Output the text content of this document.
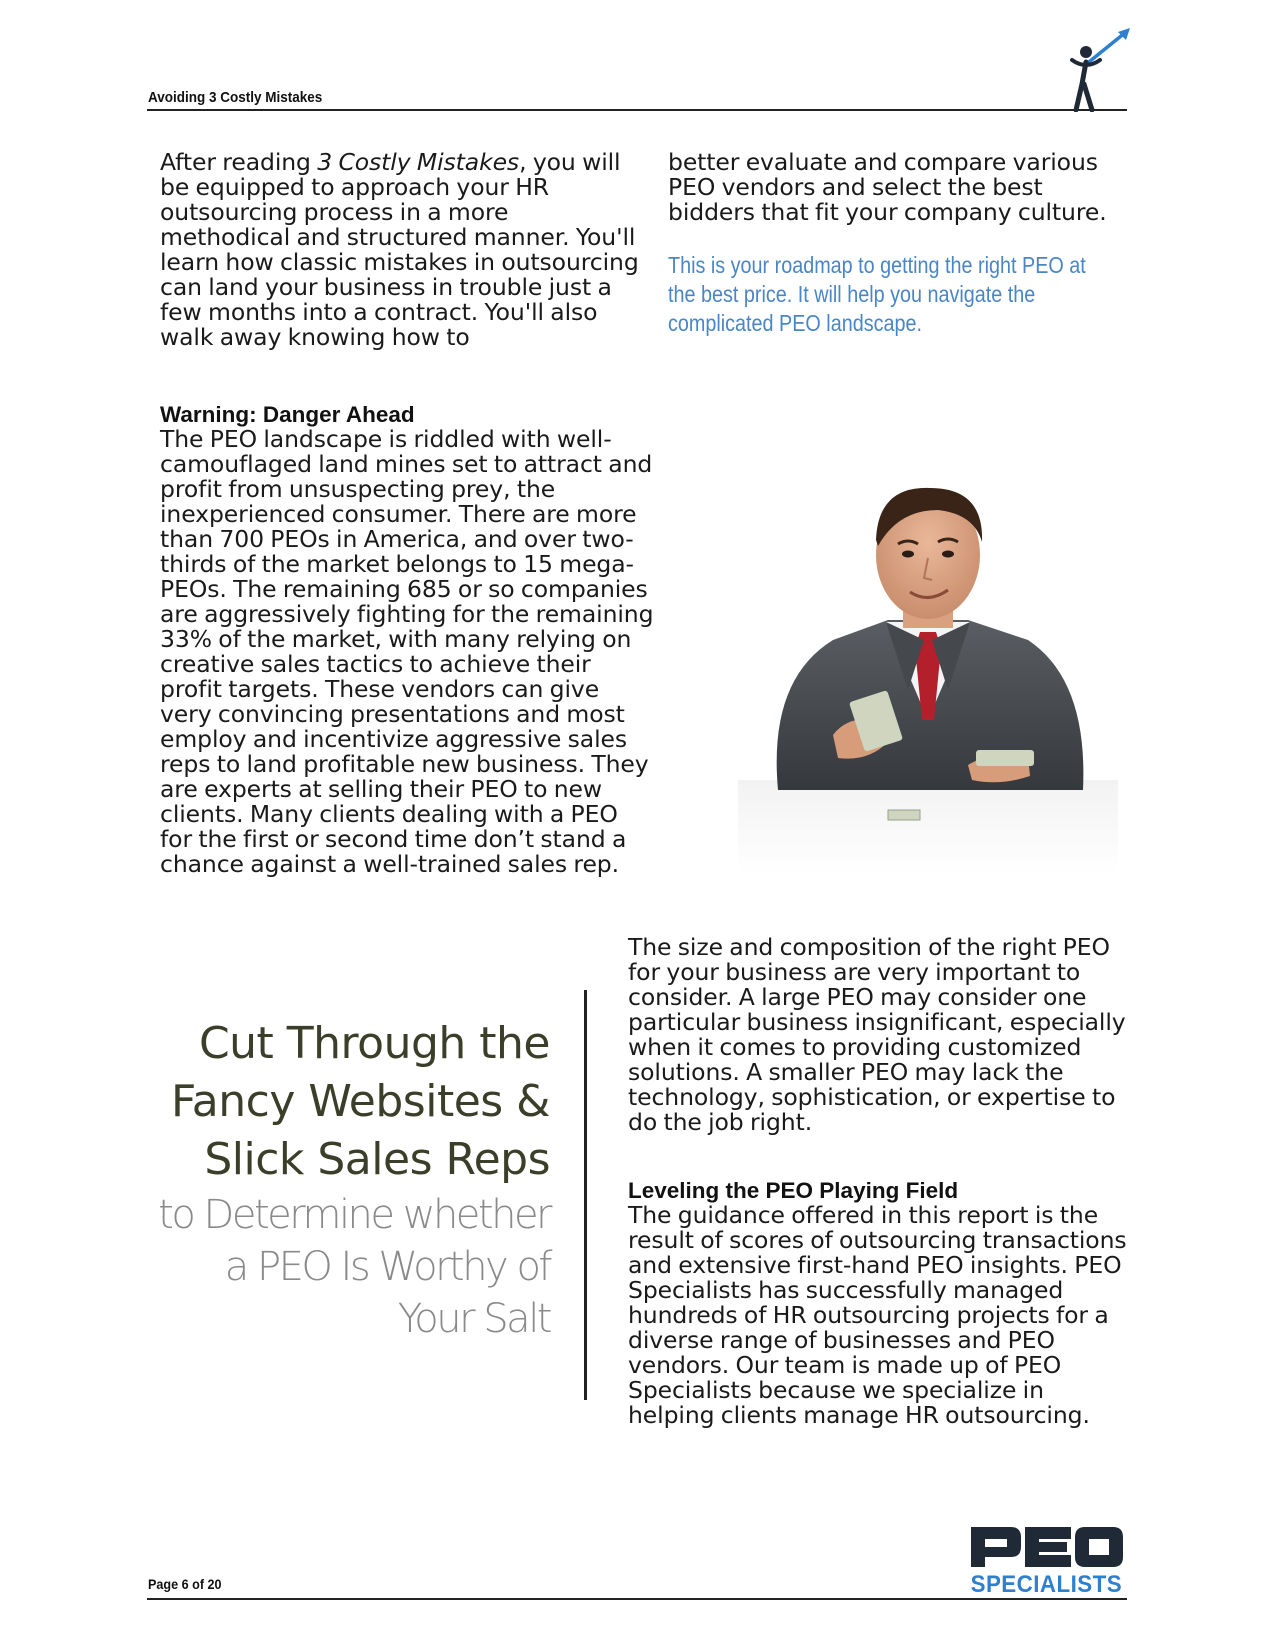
Avoiding 3 Costly Mistakes
After reading 3 Costly Mistakes, you will be equipped to approach your HR outsourcing process in a more methodical and structured manner. You'll learn how classic mistakes in outsourcing can land your business in trouble just a few months into a contract. You'll also walk away knowing how to
better evaluate and compare various PEO vendors and select the best bidders that fit your company culture.
This is your roadmap to getting the right PEO at the best price. It will help you navigate the complicated PEO landscape.
Warning: Danger Ahead
The PEO landscape is riddled with well-camouflaged land mines set to attract and profit from unsuspecting prey, the inexperienced consumer. There are more than 700 PEOs in America, and over two-thirds of the market belongs to 15 mega-PEOs. The remaining 685 or so companies are aggressively fighting for the remaining 33% of the market, with many relying on creative sales tactics to achieve their profit targets. These vendors can give very convincing presentations and most employ and incentivize aggressive sales reps to land profitable new business. They are experts at selling their PEO to new clients. Many clients dealing with a PEO for the first or second time don’t stand a chance against a well-trained sales rep.
Cut Through the
Fancy Websites &
Slick Sales Reps
to Determine whether
a PEO Is Worthy of
Your Salt
The size and composition of the right PEO for your business are very important to consider. A large PEO may consider one particular business insignificant, especially when it comes to providing customized solutions. A smaller PEO may lack the technology, sophistication, or expertise to do the job right.
Leveling the PEO Playing Field
The guidance offered in this report is the result of scores of outsourcing transactions and extensive first-hand PEO insights. PEO Specialists has successfully managed hundreds of HR outsourcing projects for a diverse range of businesses and PEO vendors. Our team is made up of PEO Specialists because we specialize in helping clients manage HR outsourcing.
SPECIALISTS
Page 6 of 20
